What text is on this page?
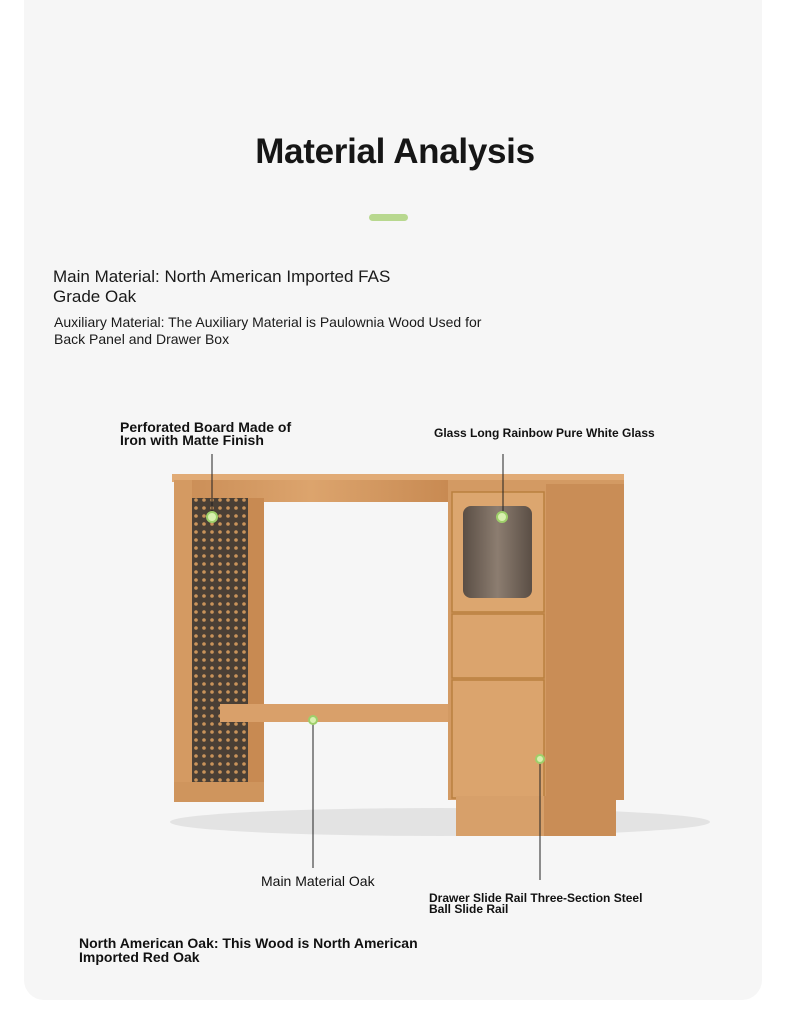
Material Analysis
Main Material: North American Imported FAS Grade Oak
Auxiliary Material: The Auxiliary Material is Paulownia Wood Used for Back Panel and Drawer Box
Perforated Board Made of Iron with Matte Finish	Glass Long Rainbow Pure White Glass
Main Material Oak
Drawer Slide Rail Three-Section Steel Ball Slide Rail
North American Oak: This Wood is North American Imported Red Oak
